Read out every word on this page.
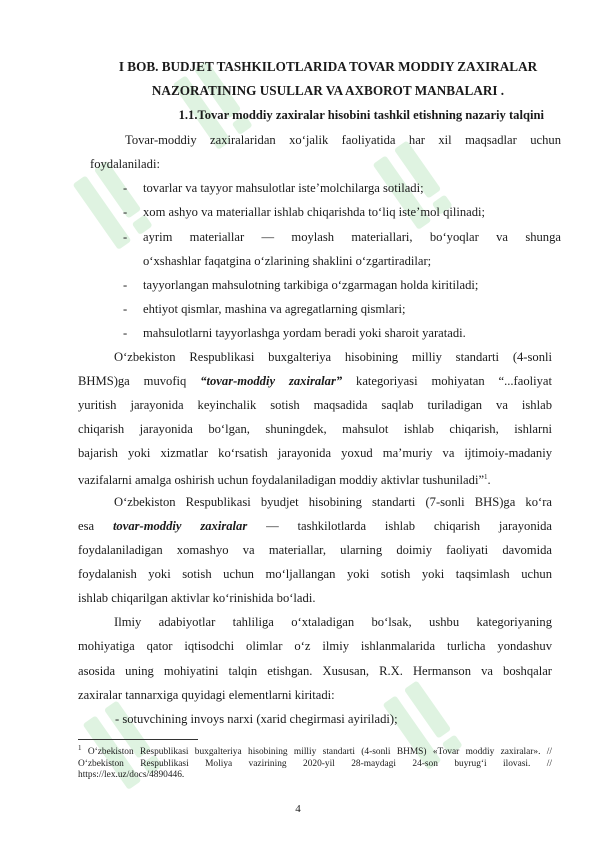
I BOB. BUDJET TASHKILOTLARIDA TOVAR MODDIY ZAXIRALAR
NAZORATINING USULLAR VA AXBOROT MANBALARI .
1.1.Tovar moddiy zaxiralar hisobini tashkil etishning nazariy talqini
Tovar-moddiy zaxiralaridan xo‘jalik faoliyatida har xil maqsadlar uchun
foydalaniladi:
-	tovarlar va tayyor mahsulotlar iste’molchilarga sotiladi;
-	xom ashyo va materiallar ishlab chiqarishda to‘liq iste’mol qilinadi;
-	ayrim materiallar — moylash materiallari, bo‘yoqlar va shunga
o‘xshashlar faqatgina o‘zlarining shaklini o‘zgartiradilar;
-	tayyorlangan mahsulotning tarkibiga o‘zgarmagan holda kiritiladi;
-	ehtiyot qismlar, mashina va agregatlarning qismlari;
-	mahsulotlarni tayyorlashga yordam beradi yoki sharoit yaratadi.
O‘zbekiston Respublikasi buxgalteriya hisobining milliy standarti (4-sonli
BHMS)ga muvofiq “tovar-moddiy zaxiralar” kategoriyasi mohiyatan “...faoliyat
yuritish jarayonida keyinchalik sotish maqsadida saqlab turiladigan va ishlab
chiqarish jarayonida bo‘lgan, shuningdek, mahsulot ishlab chiqarish, ishlarni
bajarish yoki xizmatlar ko‘rsatish jarayonida yoxud ma’muriy va ijtimoiy-madaniy
vazifalarni amalga oshirish uchun foydalaniladigan moddiy aktivlar tushuniladi”$^1$.
O‘zbekiston Respublikasi byudjet hisobining standarti (7-sonli BHS)ga ko‘ra
esa tovar-moddiy zaxiralar — tashkilotlarda ishlab chiqarish jarayonida
foydalaniladigan xomashyo va materiallar, ularning doimiy faoliyati davomida
foydalanish yoki sotish uchun mo‘ljallangan yoki sotish yoki taqsimlash uchun
ishlab chiqarilgan aktivlar ko‘rinishida bo‘ladi.
Ilmiy adabiyotlar tahliliga o‘xtaladigan bo‘lsak, ushbu kategoriyaning
mohiyatiga qator iqtisodchi olimlar o‘z ilmiy ishlanmalarida turlicha yondashuv
asosida uning mohiyatini talqin etishgan. Xususan, R.X. Hermanson va boshqalar
zaxiralar tannarxiga quyidagi elementlarni kiritadi:
- sotuvchining invoys narxi (xarid chegirmasi ayiriladi);
$^1$ O‘zbekiston Respublikasi buxgalteriya hisobining milliy standarti (4-sonli BHMS) «Tovar moddiy zaxiralar». //
O‘zbekiston Respublikasi Moliya vazirining 2020-yil 28-maydagi 24-son buyrug‘i ilovasi. //
https://lex.uz/docs/4890446.
4
